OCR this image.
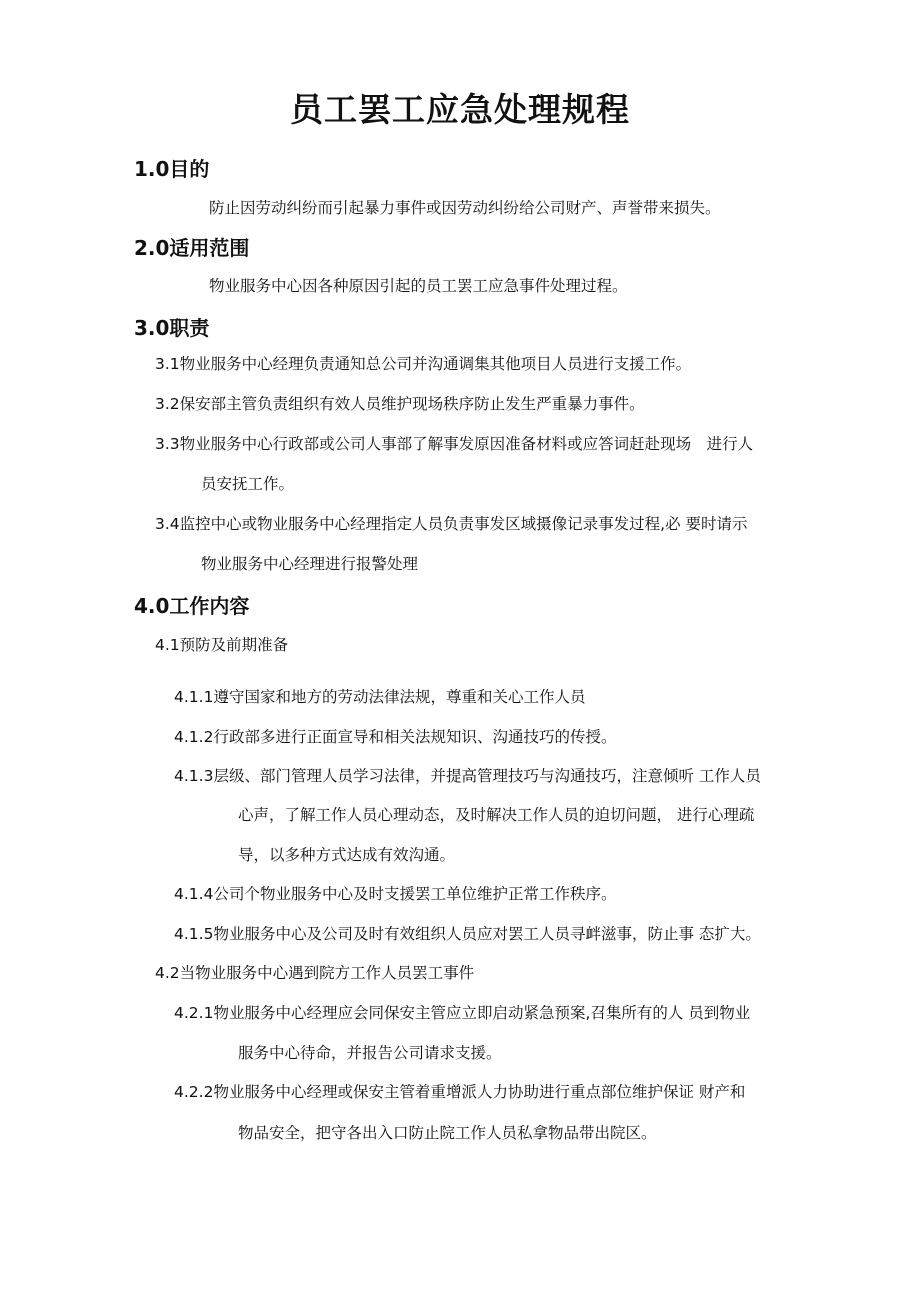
员工罢工应急处理规程
1.0目的
防止因劳动纠纷而引起暴力事件或因劳动纠纷给公司财产、声誉带来损失。
2.0适用范围
物业服务中心因各种原因引起的员工罢工应急事件处理过程。
3.0职责
3.1物业服务中心经理负责通知总公司并沟通调集其他项目人员进行支援工作。
3.2保安部主管负责组织有效人员维护现场秩序防止发生严重暴力事件。
3.3物业服务中心行政部或公司人事部了解事发原因准备材料或应答词赶赴现场　进行人
员安抚工作。
3.4监控中心或物业服务中心经理指定人员负责事发区域摄像记录事发过程,必 要时请示
物业服务中心经理进行报警处理
4.0工作内容
4.1预防及前期准备
4.1.1遵守国家和地方的劳动法律法规，尊重和关心工作人员
4.1.2行政部多进行正面宣导和相关法规知识、沟通技巧的传授。
4.1.3层级、部门管理人员学习法律，并提高管理技巧与沟通技巧，注意倾听 工作人员
心声，了解工作人员心理动态，及时解决工作人员的迫切问题， 进行心理疏
导，以多种方式达成有效沟通。
4.1.4公司个物业服务中心及时支援罢工单位维护正常工作秩序。
4.1.5物业服务中心及公司及时有效组织人员应对罢工人员寻衅滋事，防止事 态扩大。
4.2当物业服务中心遇到院方工作人员罢工事件
4.2.1物业服务中心经理应会同保安主管应立即启动紧急预案,召集所有的人 员到物业
服务中心待命，并报告公司请求支援。
4.2.2物业服务中心经理或保安主管着重增派人力协助进行重点部位维护保证 财产和
物品安全，把守各出入口防止院工作人员私拿物品带出院区。
